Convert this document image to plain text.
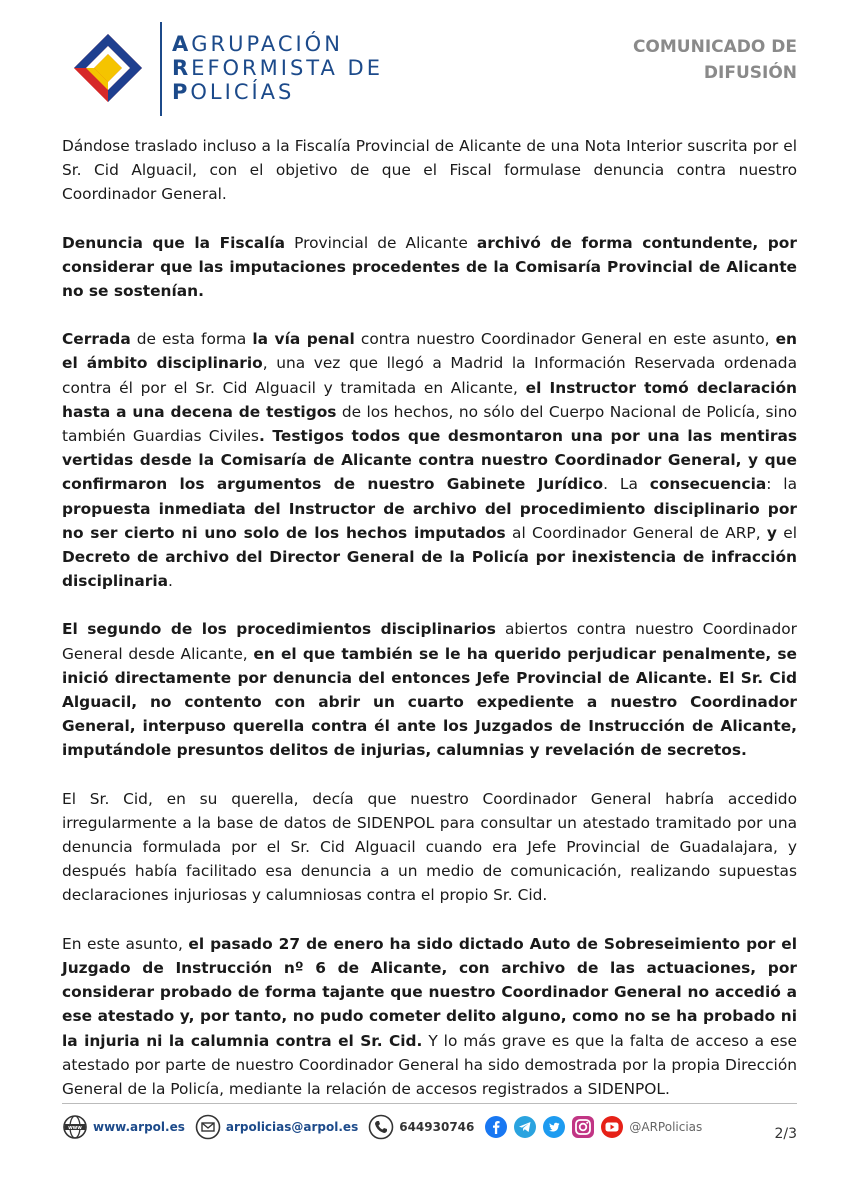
AGRUPACIÓN
REFORMISTA DE
POLICÍAS
COMUNICADO DE
DIFUSIÓN

Dándose traslado incluso a la Fiscalía Provincial de Alicante de una Nota Interior suscrita por el Sr. Cid Alguacil, con el objetivo de que el Fiscal formulase denuncia contra nuestro Coordinador General.

Denuncia que la Fiscalía Provincial de Alicante archivó de forma contundente, por considerar que las imputaciones procedentes de la Comisaría Provincial de Alicante no se sostenían.

Cerrada de esta forma la vía penal contra nuestro Coordinador General en este asunto, en el ámbito disciplinario, una vez que llegó a Madrid la Información Reservada ordenada contra él por el Sr. Cid Alguacil y tramitada en Alicante, el Instructor tomó declaración hasta a una decena de testigos de los hechos, no sólo del Cuerpo Nacional de Policía, sino también Guardias Civiles. Testigos todos que desmontaron una por una las mentiras vertidas desde la Comisaría de Alicante contra nuestro Coordinador General, y que confirmaron los argumentos de nuestro Gabinete Jurídico. La consecuencia: la propuesta inmediata del Instructor de archivo del procedimiento disciplinario por no ser cierto ni uno solo de los hechos imputados al Coordinador General de ARP, y el Decreto de archivo del Director General de la Policía por inexistencia de infracción disciplinaria.

El segundo de los procedimientos disciplinarios abiertos contra nuestro Coordinador General desde Alicante, en el que también se le ha querido perjudicar penalmente, se inició directamente por denuncia del entonces Jefe Provincial de Alicante. El Sr. Cid Alguacil, no contento con abrir un cuarto expediente a nuestro Coordinador General, interpuso querella contra él ante los Juzgados de Instrucción de Alicante, imputándole presuntos delitos de injurias, calumnias y revelación de secretos.

El Sr. Cid, en su querella, decía que nuestro Coordinador General habría accedido irregularmente a la base de datos de SIDENPOL para consultar un atestado tramitado por una denuncia formulada por el Sr. Cid Alguacil cuando era Jefe Provincial de Guadalajara, y después había facilitado esa denuncia a un medio de comunicación, realizando supuestas declaraciones injuriosas y calumniosas contra el propio Sr. Cid.

En este asunto, el pasado 27 de enero ha sido dictado Auto de Sobreseimiento por el Juzgado de Instrucción nº 6 de Alicante, con archivo de las actuaciones, por considerar probado de forma tajante que nuestro Coordinador General no accedió a ese atestado y, por tanto, no pudo cometer delito alguno, como no se ha probado ni la injuria ni la calumnia contra el Sr. Cid. Y lo más grave es que la falta de acceso a ese atestado por parte de nuestro Coordinador General ha sido demostrada por la propia Dirección General de la Policía, mediante la relación de accesos registrados a SIDENPOL.

www www.arpol.es	arpolicias@arpol.es	644930746	@ARPolicias	2/3
